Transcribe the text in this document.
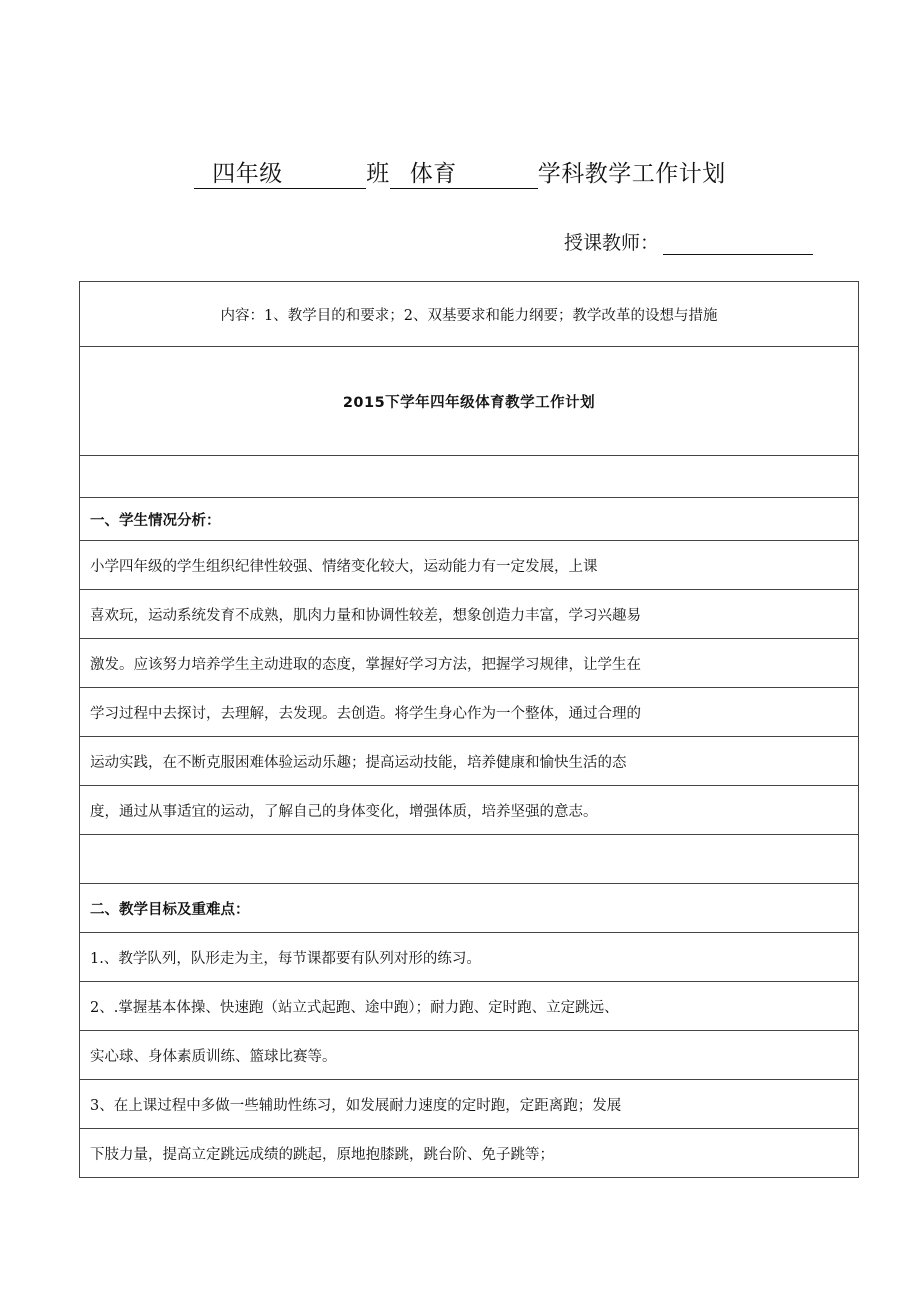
四年级	班 体育	学科教学工作计划
授课教师：
内容：1、教学目的和要求；2、双基要求和能力纲要；教学改革的设想与措施
2015下学年四年级体育教学工作计划

一、学生情况分析：
小学四年级的学生组织纪律性较强、情绪变化较大，运动能力有一定发展，上课
喜欢玩，运动系统发育不成熟，肌肉力量和协调性较差，想象创造力丰富，学习兴趣易
激发。应该努力培养学生主动进取的态度，掌握好学习方法，把握学习规律，让学生在
学习过程中去探讨，去理解，去发现。去创造。将学生身心作为一个整体，通过合理的
运动实践，在不断克服困难体验运动乐趣；提高运动技能，培养健康和愉快生活的态
度，通过从事适宜的运动，了解自己的身体变化，增强体质，培养坚强的意志。

二、教学目标及重难点：
1.、教学队列，队形走为主，每节课都要有队列对形的练习。
2、.掌握基本体操、快速跑（站立式起跑、途中跑）；耐力跑、定时跑、立定跳远、
实心球、身体素质训练、篮球比赛等。
3、在上课过程中多做一些辅助性练习，如发展耐力速度的定时跑，定距离跑；发展
下肢力量，提高立定跳远成绩的跳起，原地抱膝跳，跳台阶、免子跳等；
